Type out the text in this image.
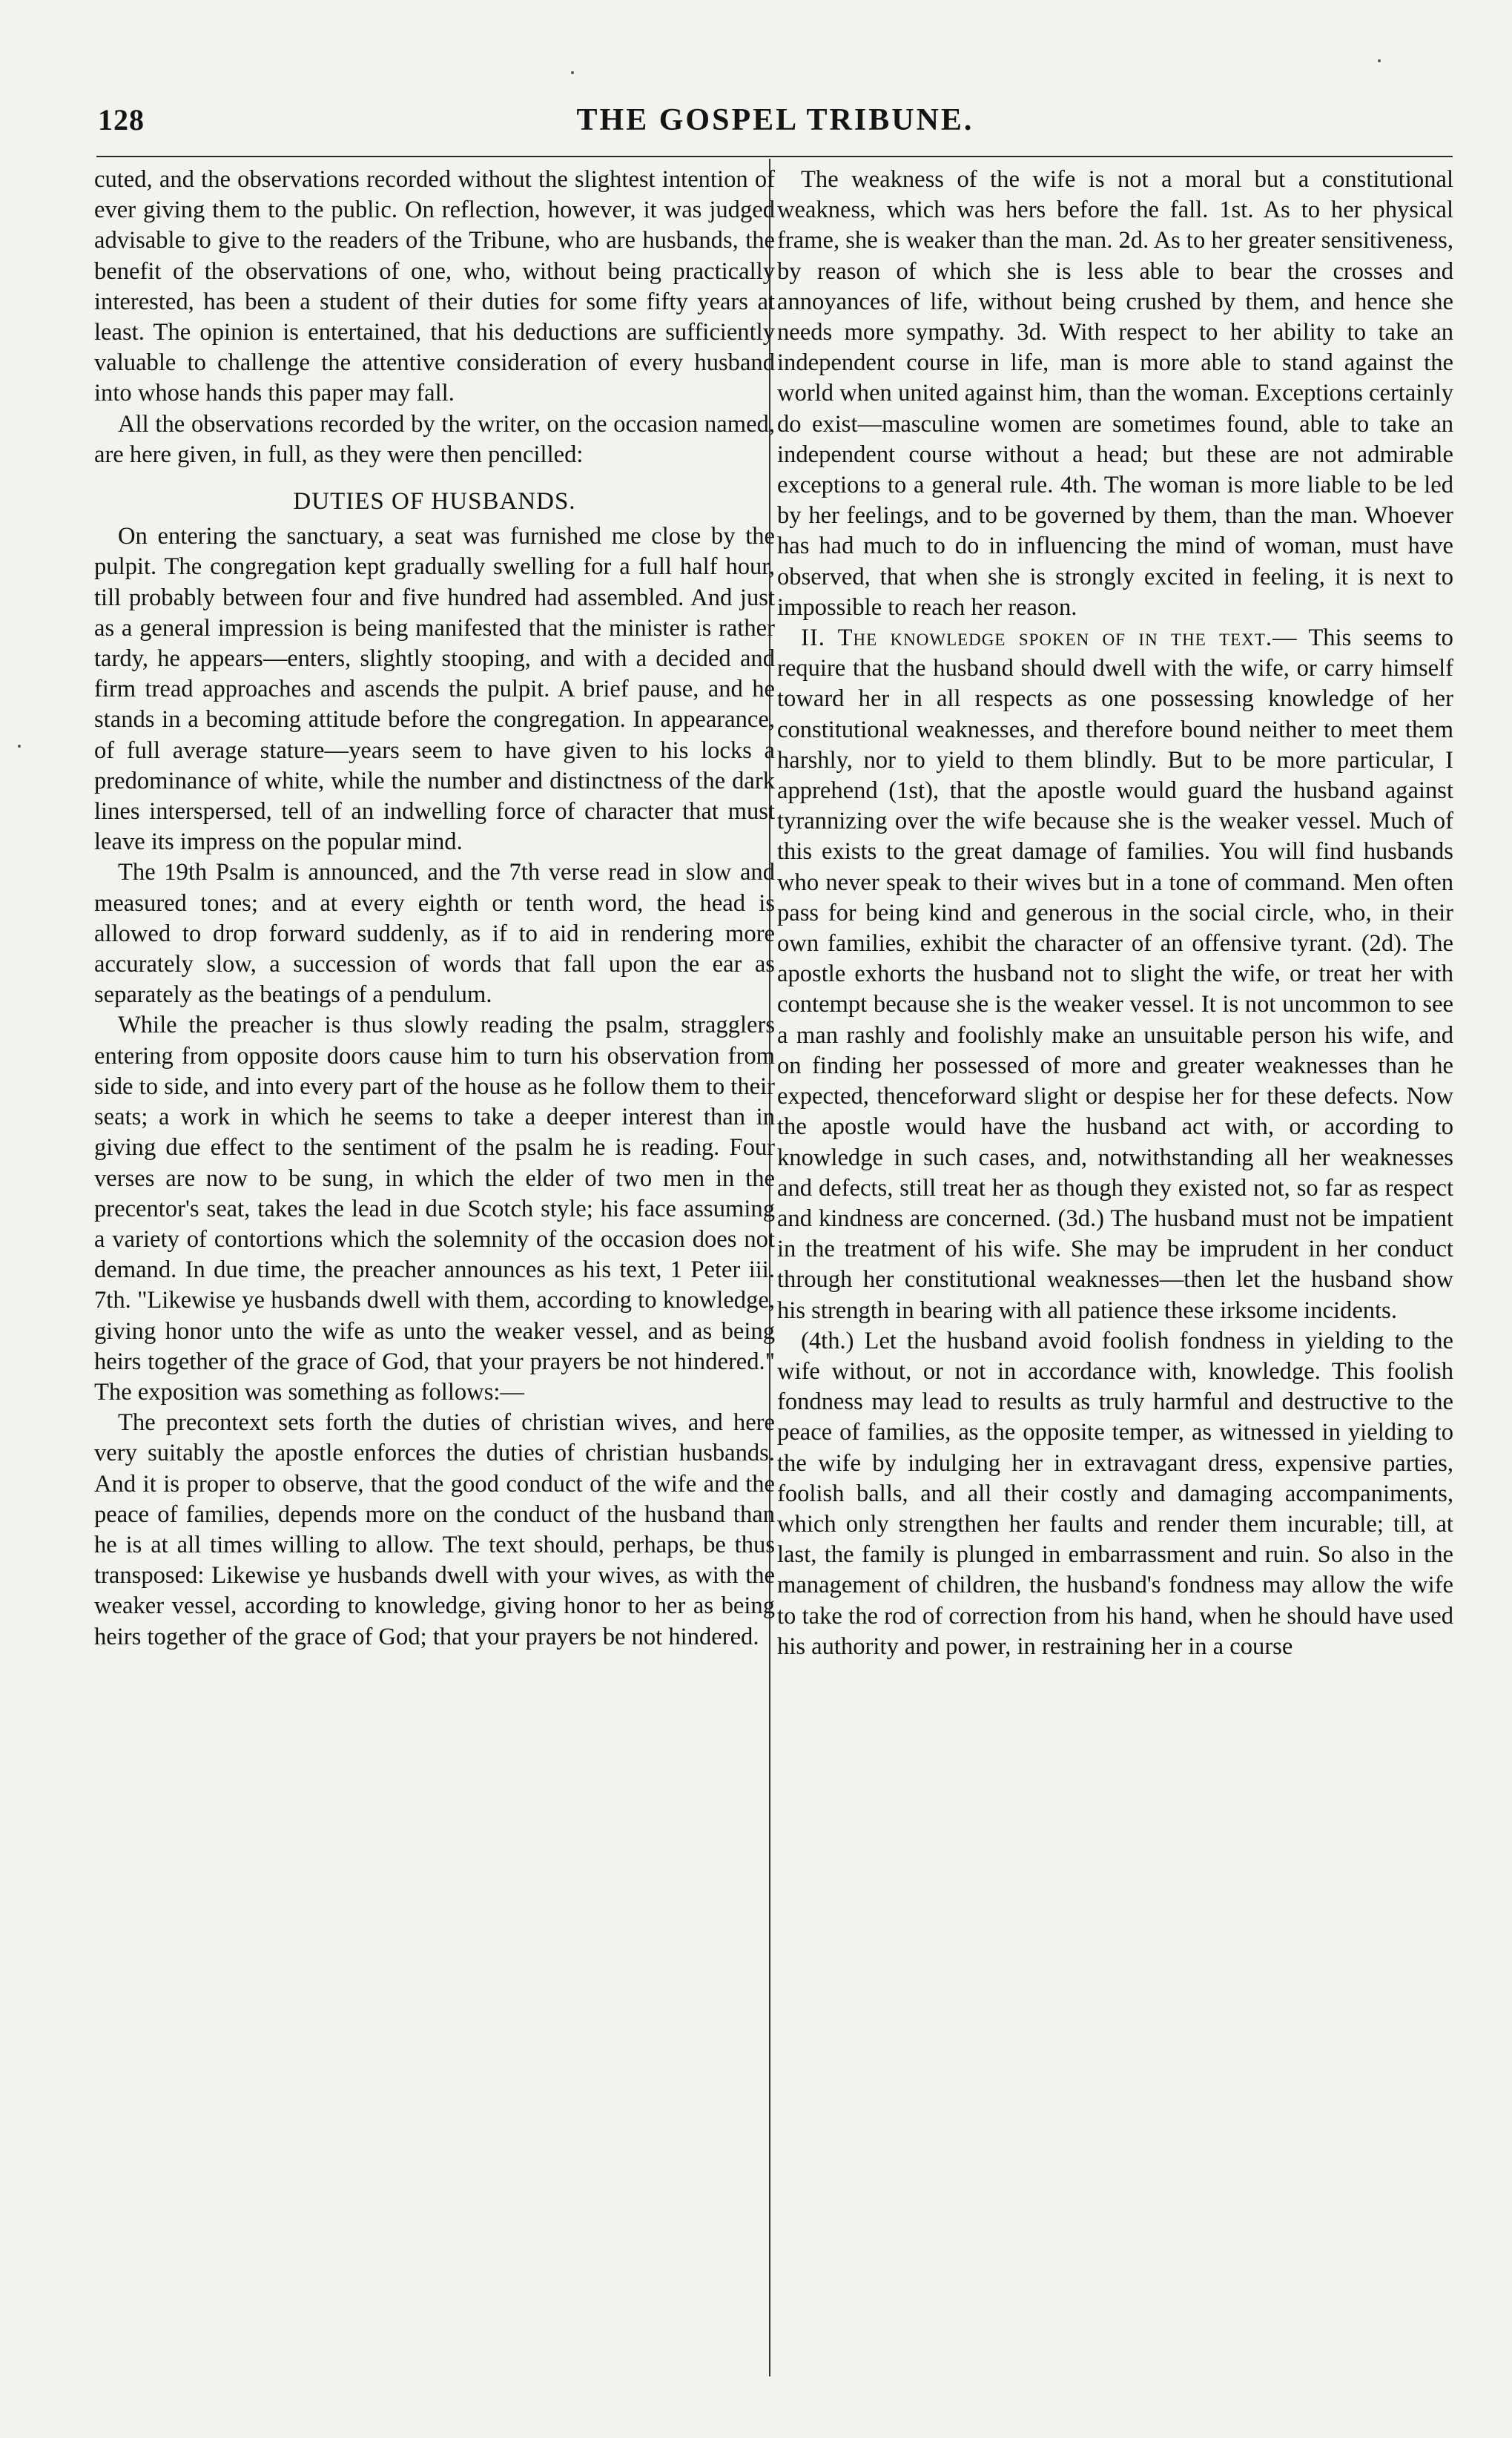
128	THE GOSPEL TRIBUNE.

cuted, and the observations recorded without the slightest intention of ever giving them to the public. On reflection, however, it was judged advisable to give to the readers of the Tribune, who are husbands, the benefit of the observations of one, who, without being practically interested, has been a student of their duties for some fifty years at least. The opinion is entertained, that his deductions are sufficiently valuable to challenge the attentive consideration of every husband into whose hands this paper may fall.

All the observations recorded by the writer, on the occasion named, are here given, in full, as they were then pencilled:

DUTIES OF HUSBANDS.

On entering the sanctuary, a seat was furnished me close by the pulpit. The congregation kept gradually swelling for a full half hour, till probably between four and five hundred had assembled. And just as a general impression is being manifested that the minister is rather tardy, he appears—enters, slightly stooping, and with a decided and firm tread approaches and ascends the pulpit. A brief pause, and he stands in a becoming attitude before the congregation. In appearance, of full average stature—years seem to have given to his locks a predominance of white, while the number and distinctness of the dark lines interspersed, tell of an indwelling force of character that must leave its impress on the popular mind.

The 19th Psalm is announced, and the 7th verse read in slow and measured tones; and at every eighth or tenth word, the head is allowed to drop forward suddenly, as if to aid in rendering more accurately slow, a succession of words that fall upon the ear as separately as the beatings of a pendulum.

While the preacher is thus slowly reading the psalm, stragglers entering from opposite doors cause him to turn his observation from side to side, and into every part of the house as he follow them to their seats; a work in which he seems to take a deeper interest than in giving due effect to the sentiment of the psalm he is reading. Four verses are now to be sung, in which the elder of two men in the precentor's seat, takes the lead in due Scotch style; his face assuming a variety of contortions which the solemnity of the occasion does not demand. In due time, the preacher announces as his text, 1 Peter iii. 7th. "Likewise ye husbands dwell with them, according to knowledge, giving honor unto the wife as unto the weaker vessel, and as being heirs together of the grace of God, that your prayers be not hindered." The exposition was something as follows:—

The precontext sets forth the duties of christian wives, and here very suitably the apostle enforces the duties of christian husbands. And it is proper to observe, that the good conduct of the wife and the peace of families, depends more on the conduct of the husband than he is at all times willing to allow. The text should, perhaps, be thus transposed: Likewise ye husbands dwell with your wives, as with the weaker vessel, according to knowledge, giving honor to her as being heirs together of the grace of God; that your prayers be not hindered.

The weakness of the wife is not a moral but a constitutional weakness, which was hers before the fall. 1st. As to her physical frame, she is weaker than the man. 2d. As to her greater sensitiveness, by reason of which she is less able to bear the crosses and annoyances of life, without being crushed by them, and hence she needs more sympathy. 3d. With respect to her ability to take an independent course in life, man is more able to stand against the world when united against him, than the woman. Exceptions certainly do exist—masculine women are sometimes found, able to take an independent course without a head; but these are not admirable exceptions to a general rule. 4th. The woman is more liable to be led by her feelings, and to be governed by them, than the man. Whoever has had much to do in influencing the mind of woman, must have observed, that when she is strongly excited in feeling, it is next to impossible to reach her reason.

II. The knowledge spoken of in the text.— This seems to require that the husband should dwell with the wife, or carry himself toward her in all respects as one possessing knowledge of her constitutional weaknesses, and therefore bound neither to meet them harshly, nor to yield to them blindly. But to be more particular, I apprehend (1st), that the apostle would guard the husband against tyrannizing over the wife because she is the weaker vessel. Much of this exists to the great damage of families. You will find husbands who never speak to their wives but in a tone of command. Men often pass for being kind and generous in the social circle, who, in their own families, exhibit the character of an offensive tyrant. (2d). The apostle exhorts the husband not to slight the wife, or treat her with contempt because she is the weaker vessel. It is not uncommon to see a man rashly and foolishly make an unsuitable person his wife, and on finding her possessed of more and greater weaknesses than he expected, thenceforward slight or despise her for these defects. Now the apostle would have the husband act with, or according to knowledge in such cases, and, notwithstanding all her weaknesses and defects, still treat her as though they existed not, so far as respect and kindness are concerned. (3d.) The husband must not be impatient in the treatment of his wife. She may be imprudent in her conduct through her constitutional weaknesses—then let the husband show his strength in bearing with all patience these irksome incidents.

(4th.) Let the husband avoid foolish fondness in yielding to the wife without, or not in accordance with, knowledge. This foolish fondness may lead to results as truly harmful and destructive to the peace of families, as the opposite temper, as witnessed in yielding to the wife by indulging her in extravagant dress, expensive parties, foolish balls, and all their costly and damaging accompaniments, which only strengthen her faults and render them incurable; till, at last, the family is plunged in embarrassment and ruin. So also in the management of children, the husband's fondness may allow the wife to take the rod of correction from his hand, when he should have used his authority and power, in restraining her in a course
